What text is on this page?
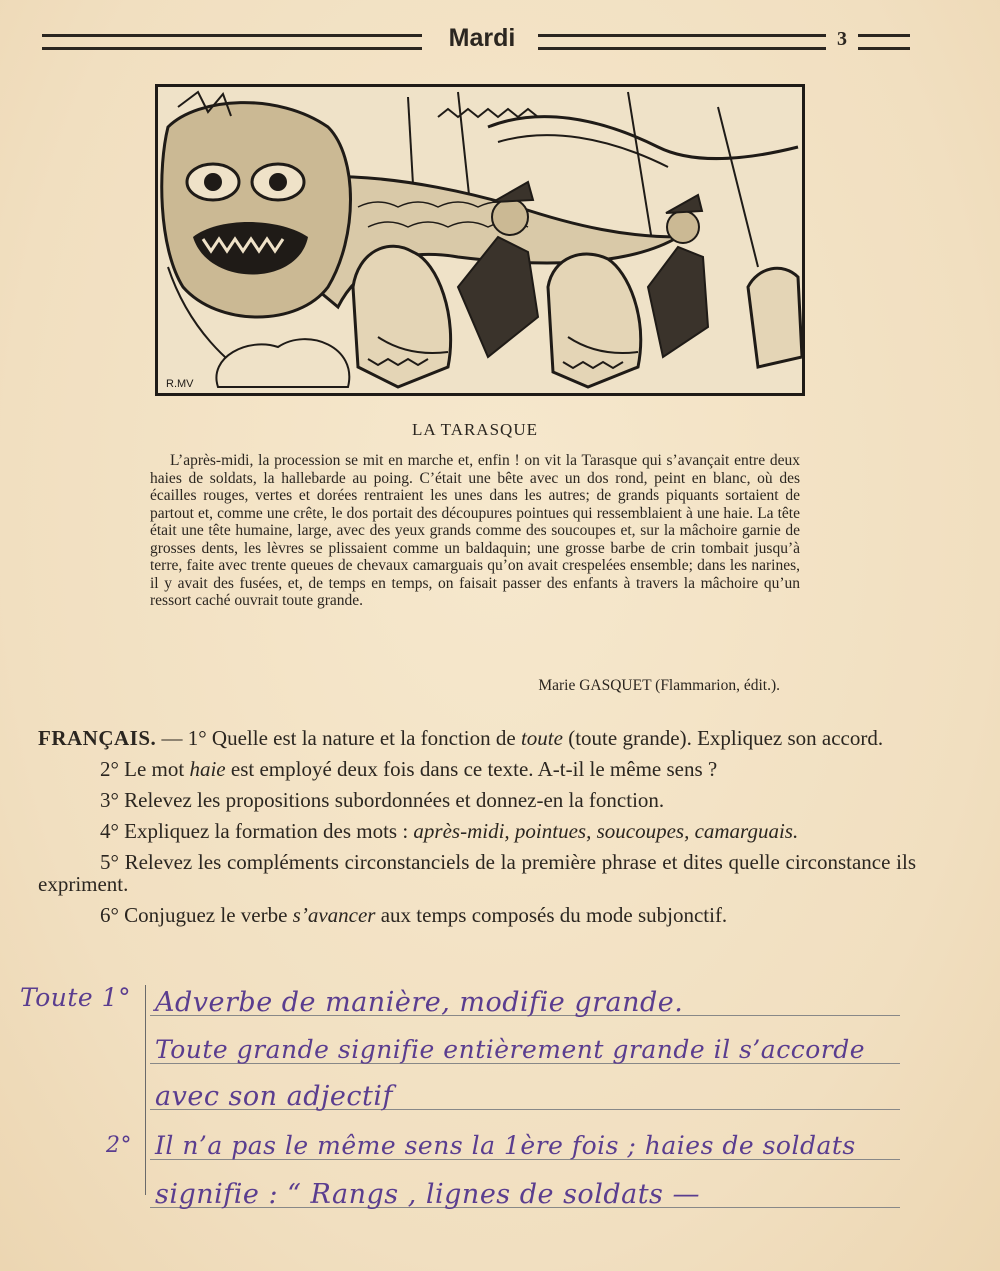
Mardi	3
R.MV
LA TARASQUE

L’après-midi, la procession se mit en marche et, enfin ! on vit la Tarasque qui s’avançait entre deux haies de soldats, la hallebarde au poing. C’était une bête avec un dos rond, peint en blanc, où des écailles rouges, vertes et dorées rentraient les unes dans les autres; de grands piquants sortaient de partout et, comme une crête, le dos portait des découpures pointues qui ressemblaient à une haie. La tête était une tête humaine, large, avec des yeux grands comme des soucoupes et, sur la mâchoire garnie de grosses dents, les lèvres se plissaient comme un baldaquin; une grosse barbe de crin tombait jusqu’à terre, faite avec trente queues de chevaux camarguais qu’on avait crespelées ensemble; dans les narines, il y avait des fusées, et, de temps en temps, on faisait passer des enfants à travers la mâchoire qu’un ressort caché ouvrait toute grande.

Marie GASQUET (Flammarion, édit.).
FRANÇAIS. — 1° Quelle est la nature et la fonction de toute (toute grande). Expliquez son accord.
2° Le mot haie est employé deux fois dans ce texte. A-t-il le même sens ?
3° Relevez les propositions subordonnées et donnez-en la fonction.
4° Expliquez la formation des mots : après-midi, pointues, soucoupes, camarguais.
5° Relevez les compléments circonstanciels de la première phrase et dites quelle circonstance ils expriment.
6° Conjuguez le verbe s’avancer aux temps composés du mode subjonctif.
Toute 1°
2°
Adverbe de manière, modifie grande.
Toute grande signifie entièrement grande il s’accorde
avec son adjectif
Il n’a pas le même sens la 1ère fois ; haies de soldats
signifie : “ Rangs , lignes de soldats —
